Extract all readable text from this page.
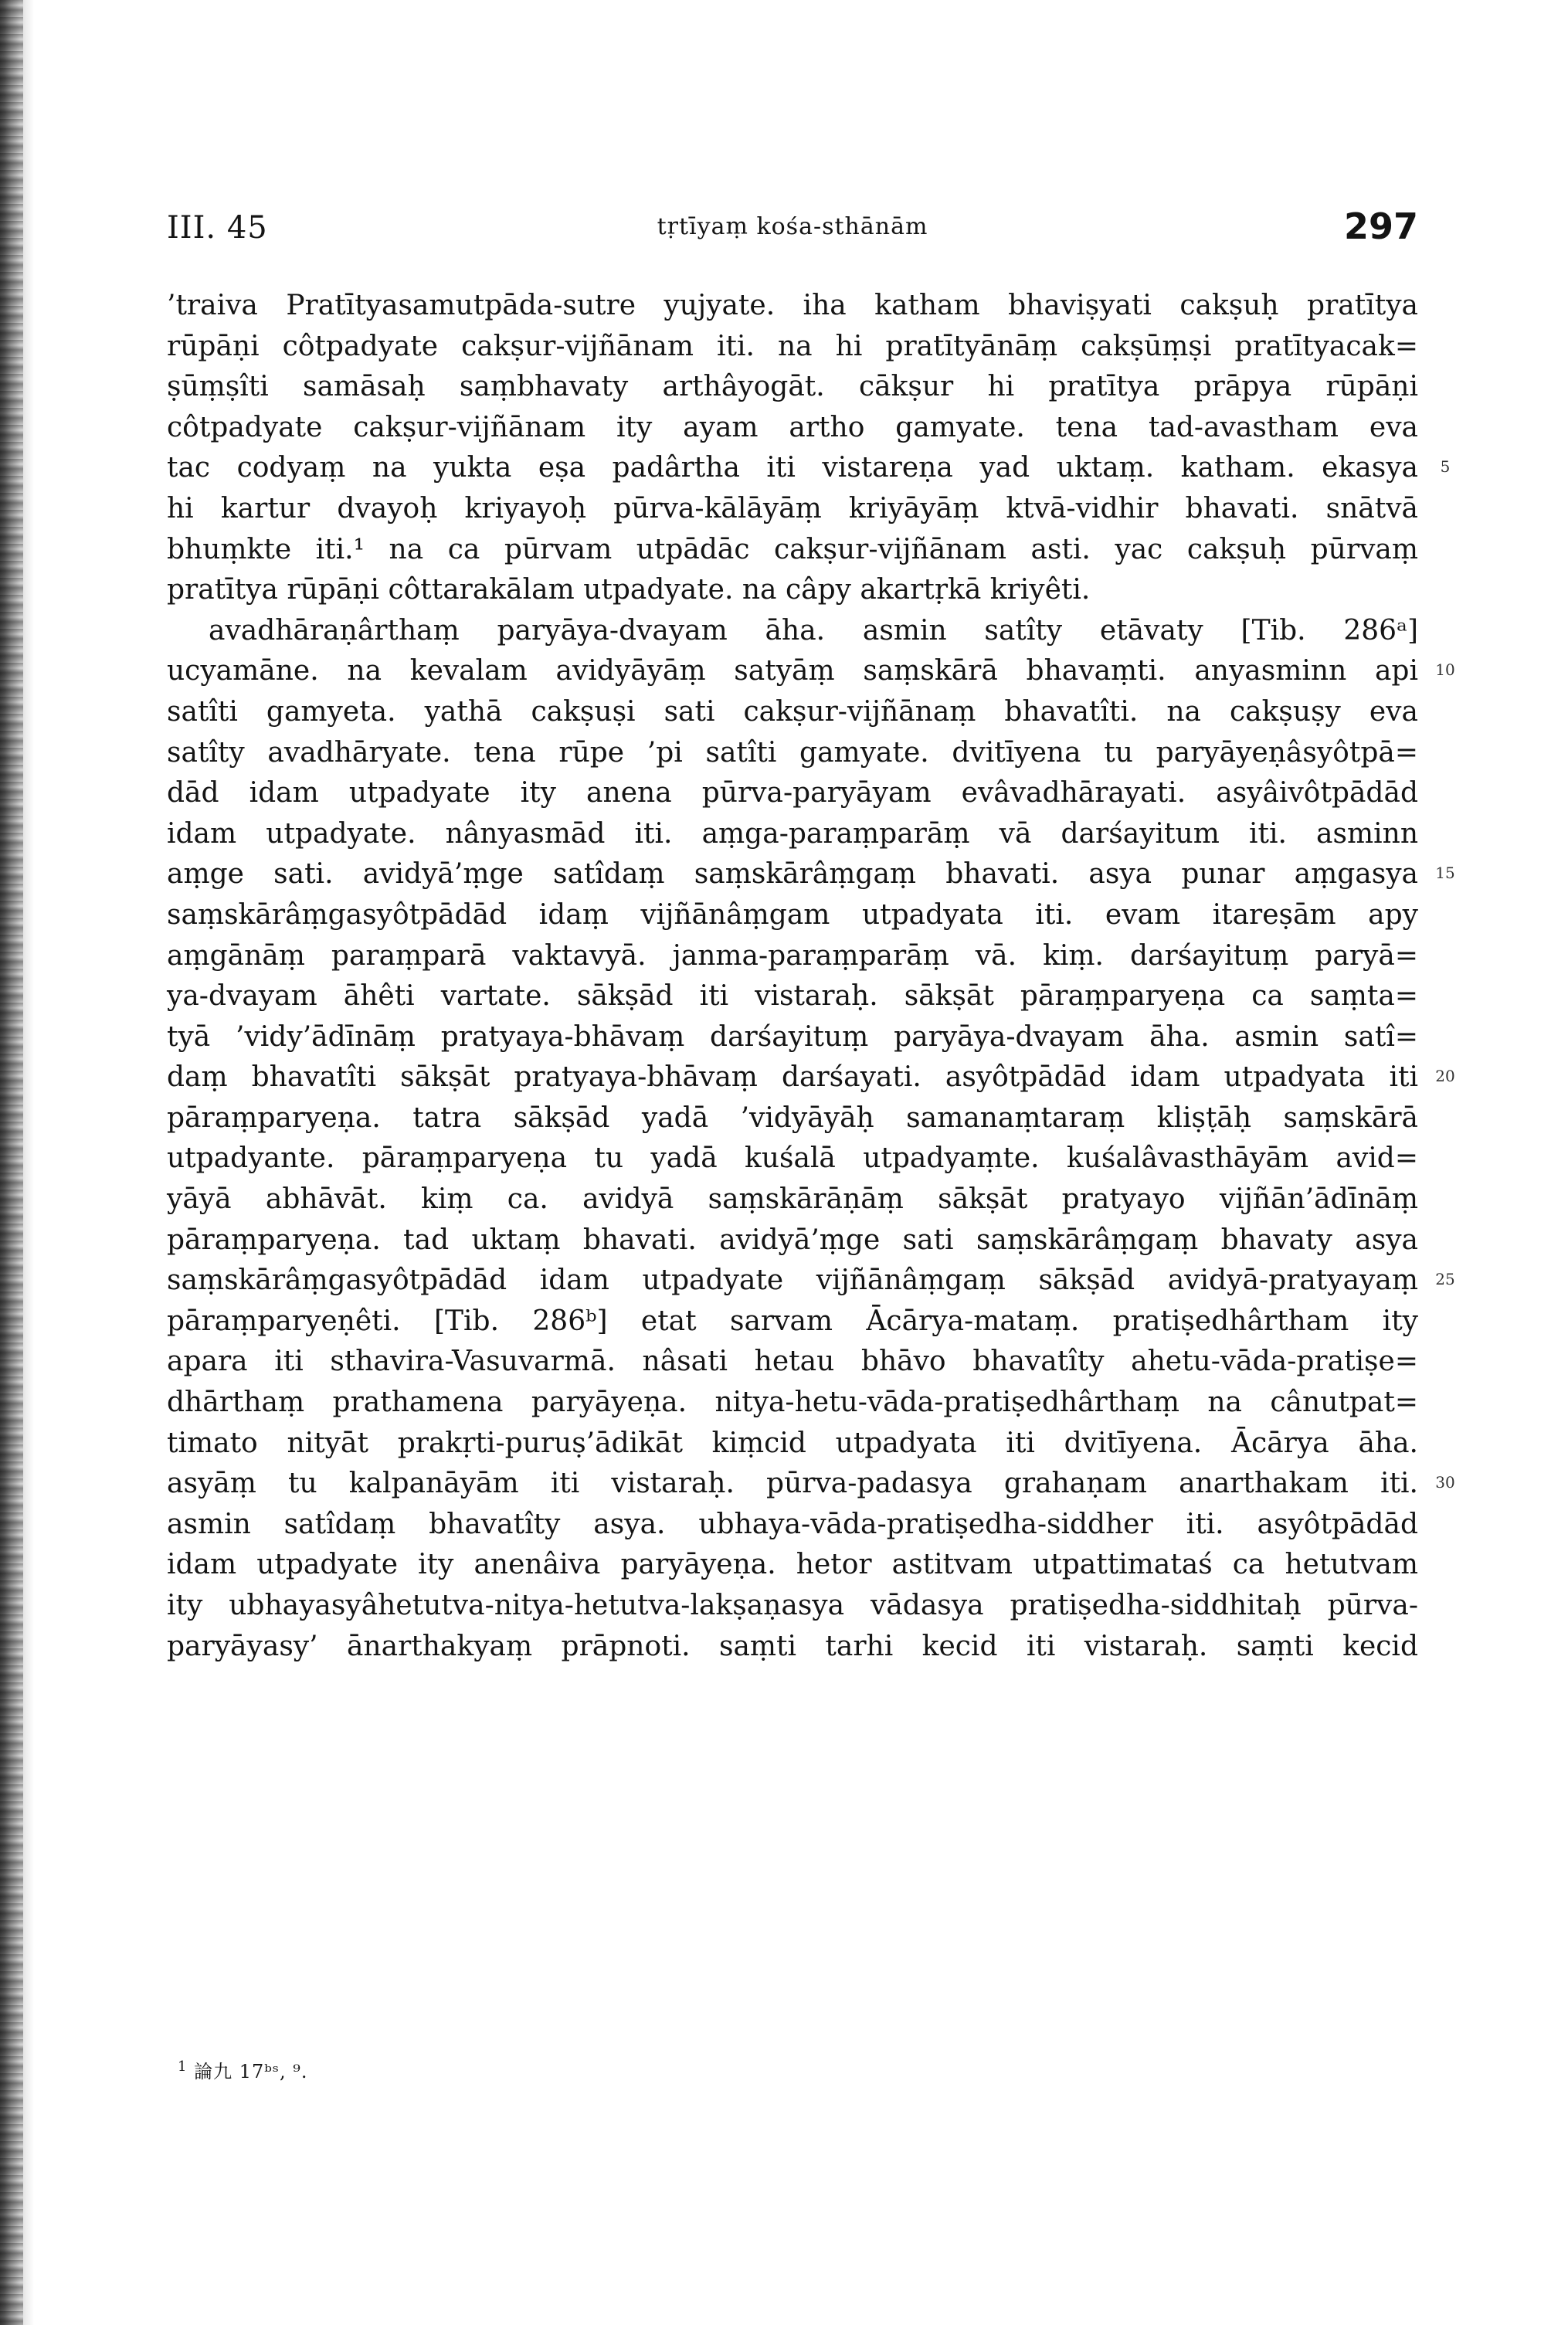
III. 45	tṛtīyaṃ kośa-sthānām	297
’traiva Pratītyasamutpāda-sutre yujyate. iha katham bhaviṣyati cakṣuḥ pratītya
rūpāṇi côtpadyate cakṣur-vijñānam iti. na hi pratītyānāṃ cakṣūṃṣi pratītyacak=
ṣūṃṣîti samāsaḥ saṃbhavaty arthâyogāt. cākṣur hi pratītya prāpya rūpāṇi
côtpadyate cakṣur-vijñānam ity ayam artho gamyate. tena tad-avastham eva
tac codyaṃ na yukta eṣa padârtha iti vistareṇa yad uktaṃ. katham. ekasya
hi kartur dvayoḥ kriyayoḥ pūrva-kālāyāṃ kriyāyāṃ ktvā-vidhir bhavati. snātvā
bhuṃkte iti.¹ na ca pūrvam utpādāc cakṣur-vijñānam asti. yac cakṣuḥ pūrvaṃ
pratītya rūpāṇi côttarakālam utpadyate. na câpy akartṛkā kriyêti.
avadhāraṇârthaṃ paryāya-dvayam āha. asmin satîty etāvaty [Tib. 286ᵃ]
ucyamāne. na kevalam avidyāyāṃ satyāṃ saṃskārā bhavaṃti. anyasminn api
satîti gamyeta. yathā cakṣuṣi sati cakṣur-vijñānaṃ bhavatîti. na cakṣuṣy eva
satîty avadhāryate. tena rūpe ’pi satîti gamyate. dvitīyena tu paryāyeṇâsyôtpā=
dād idam utpadyate ity anena pūrva-paryāyam evâvadhārayati. asyâivôtpādād
idam utpadyate. nânyasmād iti. aṃga-paraṃparāṃ vā darśayitum iti. asminn
aṃge sati. avidyā’ṃge satîdaṃ saṃskārâṃgaṃ bhavati. asya punar aṃgasya
saṃskārâṃgasyôtpādād idaṃ vijñānâṃgam utpadyata iti. evam itareṣām apy
aṃgānāṃ paraṃparā vaktavyā. janma-paraṃparāṃ vā. kiṃ. darśayituṃ paryā=
ya-dvayam āhêti vartate. sākṣād iti vistaraḥ. sākṣāt pāraṃparyeṇa ca saṃta=
tyā ’vidy’ādīnāṃ pratyaya-bhāvaṃ darśayituṃ paryāya-dvayam āha. asmin satî=
daṃ bhavatîti sākṣāt pratyaya-bhāvaṃ darśayati. asyôtpādād idam utpadyata iti
pāraṃparyeṇa. tatra sākṣād yadā ’vidyāyāḥ samanaṃtaraṃ kliṣṭāḥ saṃskārā
utpadyante. pāraṃparyeṇa tu yadā kuśalā utpadyaṃte. kuśalâvasthāyām avid=
yāyā abhāvāt. kiṃ ca. avidyā saṃskārāṇāṃ sākṣāt pratyayo vijñān’ādīnāṃ
pāraṃparyeṇa. tad uktaṃ bhavati. avidyā’ṃge sati saṃskārâṃgaṃ bhavaty asya
saṃskārâṃgasyôtpādād idam utpadyate vijñānâṃgaṃ sākṣād avidyā-pratyayaṃ
pāraṃparyeṇêti. [Tib. 286ᵇ] etat sarvam Ācārya-mataṃ. pratiṣedhârtham ity
apara iti sthavira-Vasuvarmā. nâsati hetau bhāvo bhavatîty ahetu-vāda-pratiṣe=
dhārthaṃ prathamena paryāyeṇa. nitya-hetu-vāda-pratiṣedhârthaṃ na cânutpat=
timato nityāt prakṛti-puruṣ’ādikāt kiṃcid utpadyata iti dvitīyena. Ācārya āha.
asyāṃ tu kalpanāyām iti vistaraḥ. pūrva-padasya grahaṇam anarthakam iti.
asmin satîdaṃ bhavatîty asya. ubhaya-vāda-pratiṣedha-siddher iti. asyôtpādād
idam utpadyate ity anenâiva paryāyeṇa. hetor astitvam utpattimataś ca hetutvam
ity ubhayasyâhetutva-nitya-hetutva-lakṣaṇasya vādasya pratiṣedha-siddhitaḥ pūrva-
paryāyasy’ ānarthakyaṃ prāpnoti. saṃti tarhi kecid iti vistaraḥ. saṃti kecid
5
10
15
20
25
30
$^1$ 論九 17ᵇˢ, ⁹.
